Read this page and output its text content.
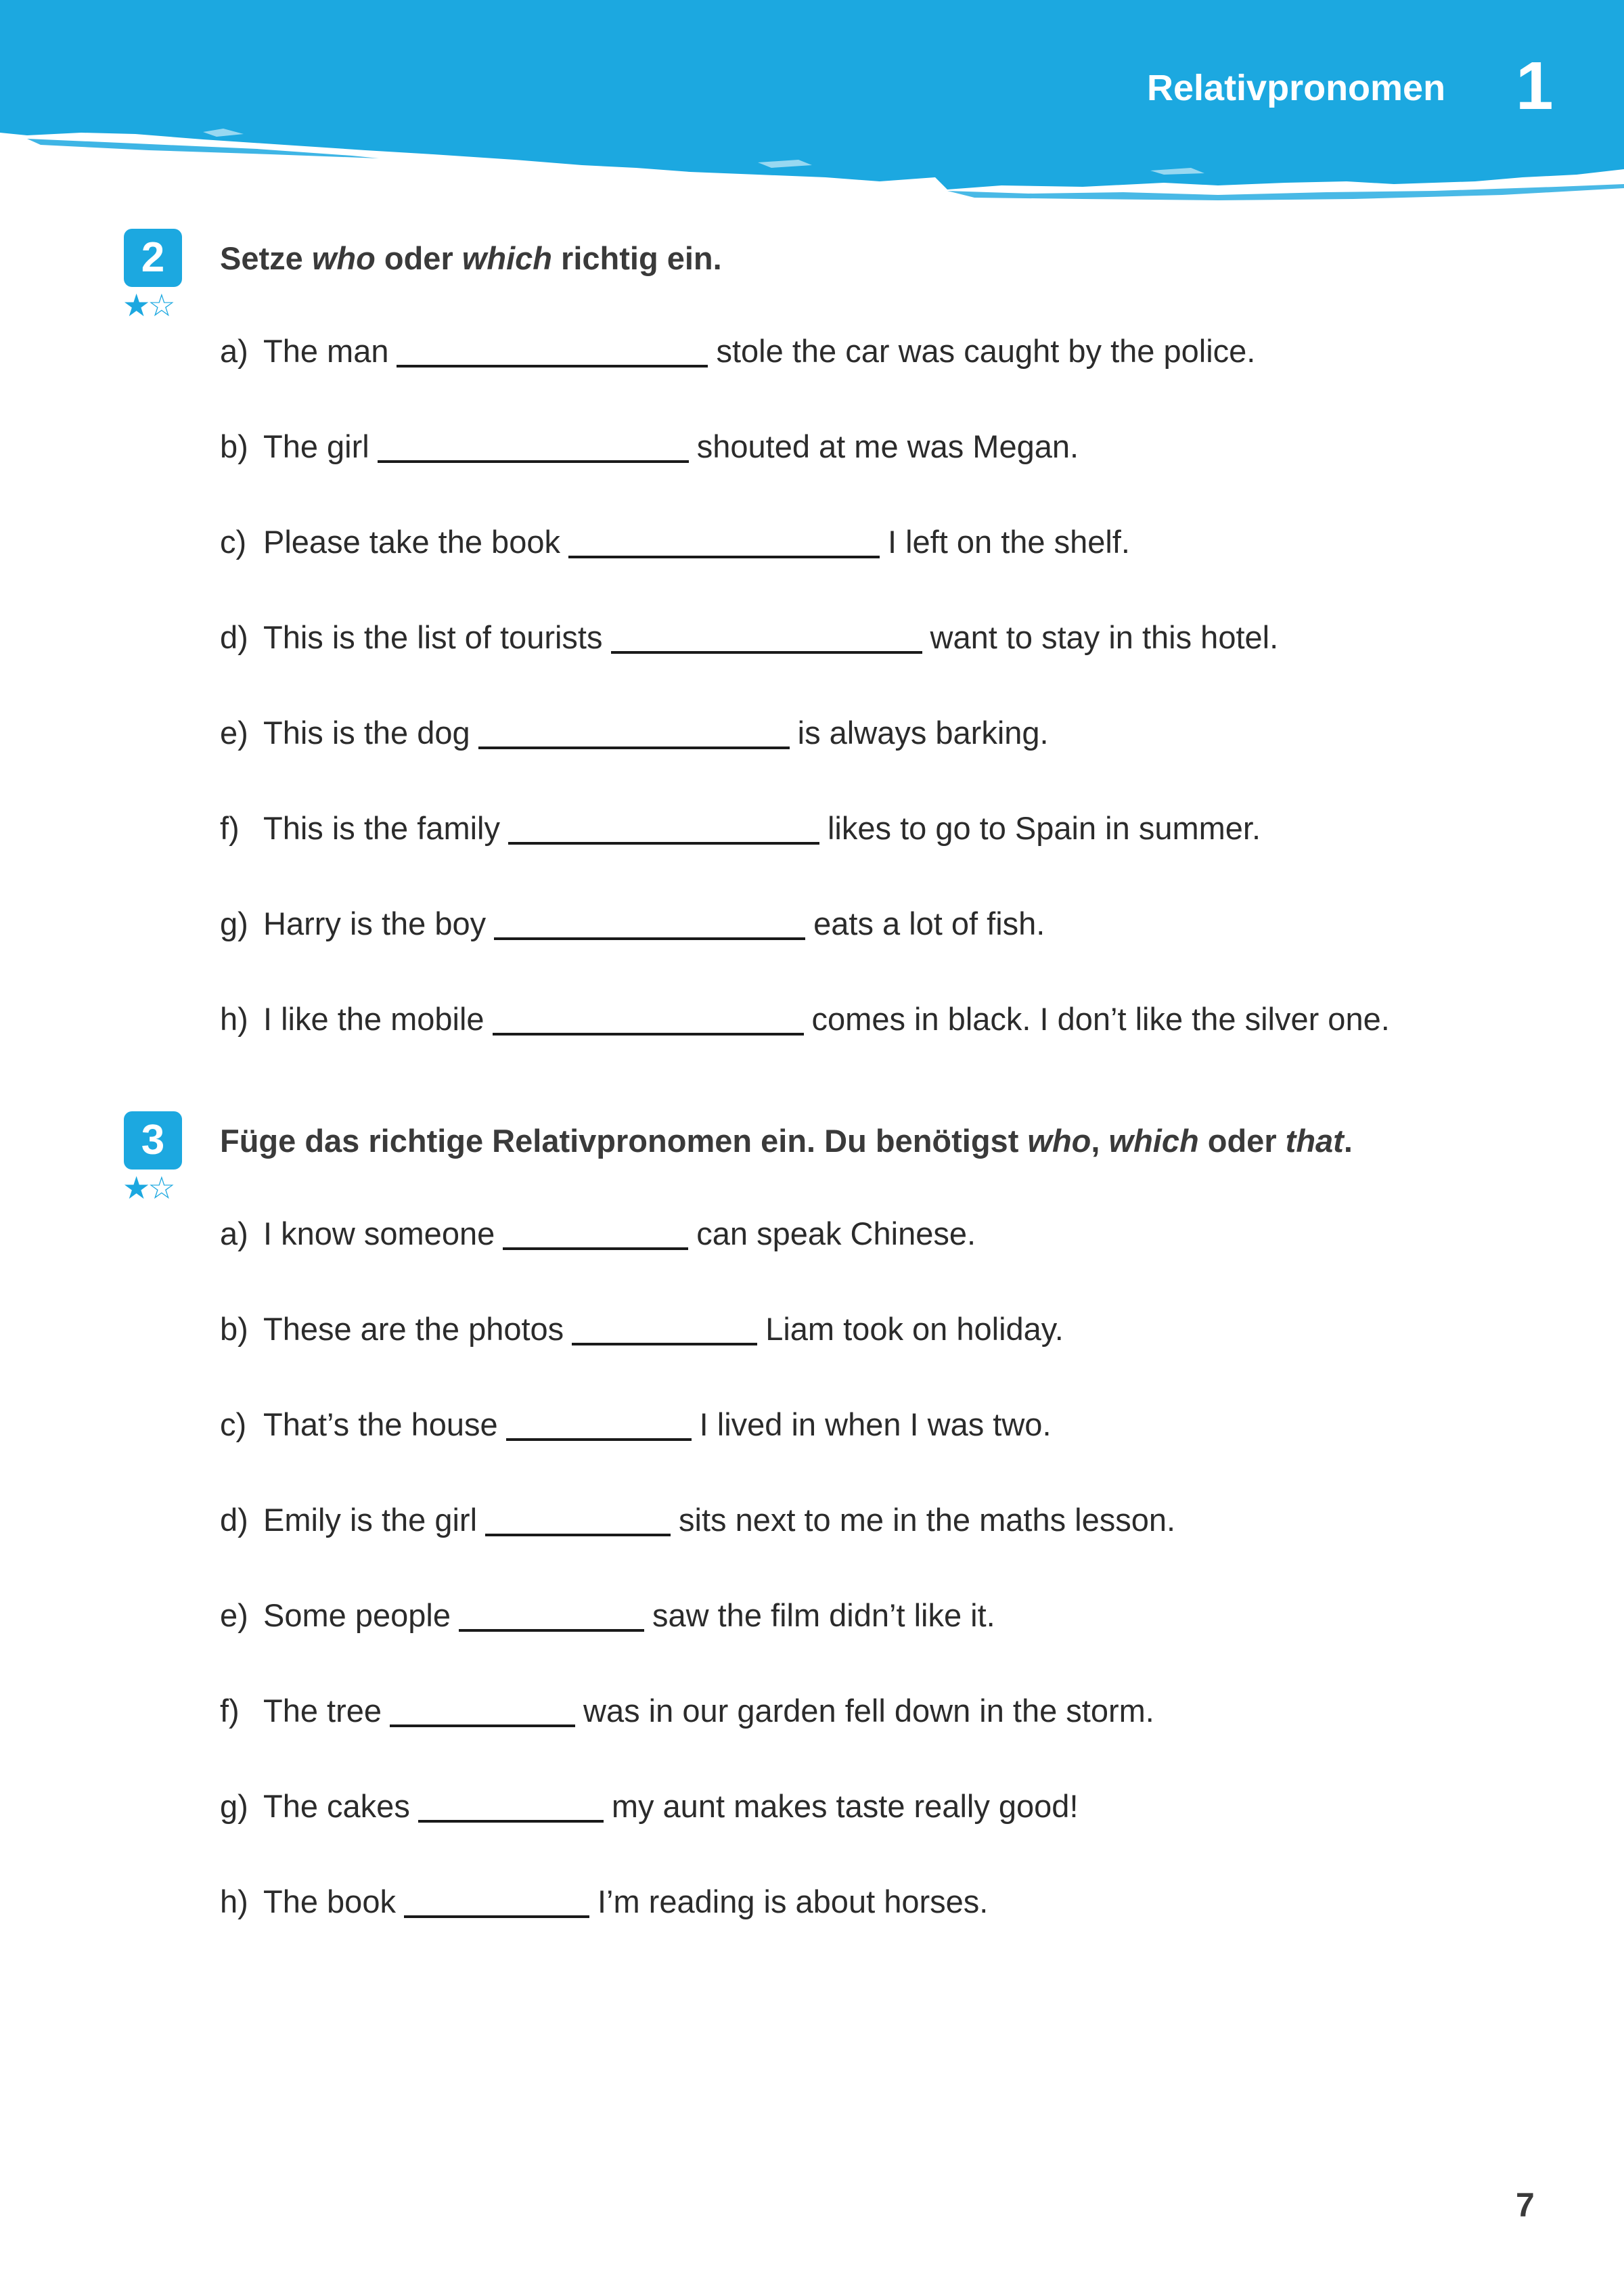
Relativpronomen 1
2
★☆
Setze who oder which richtig ein.
a) The man	stole the car was caught by the police.
b) The girl	shouted at me was Megan.
c) Please take the book	I left on the shelf.
d) This is the list of tourists	want to stay in this hotel.
e) This is the dog	is always barking.
f) This is the family	likes to go to Spain in summer.
g) Harry is the boy	eats a lot of fish.
h) I like the mobile	comes in black. I don’t like the silver one.
3
★☆
Füge das richtige Relativpronomen ein. Du benötigst who, which oder that.
a) I know someone	can speak Chinese.
b) These are the photos	Liam took on holiday.
c) That’s the house	I lived in when I was two.
d) Emily is the girl	sits next to me in the maths lesson.
e) Some people	saw the film didn’t like it.
f) The tree	was in our garden fell down in the storm.
g) The cakes	my aunt makes taste really good!
h) The book	I’m reading is about horses.
7
